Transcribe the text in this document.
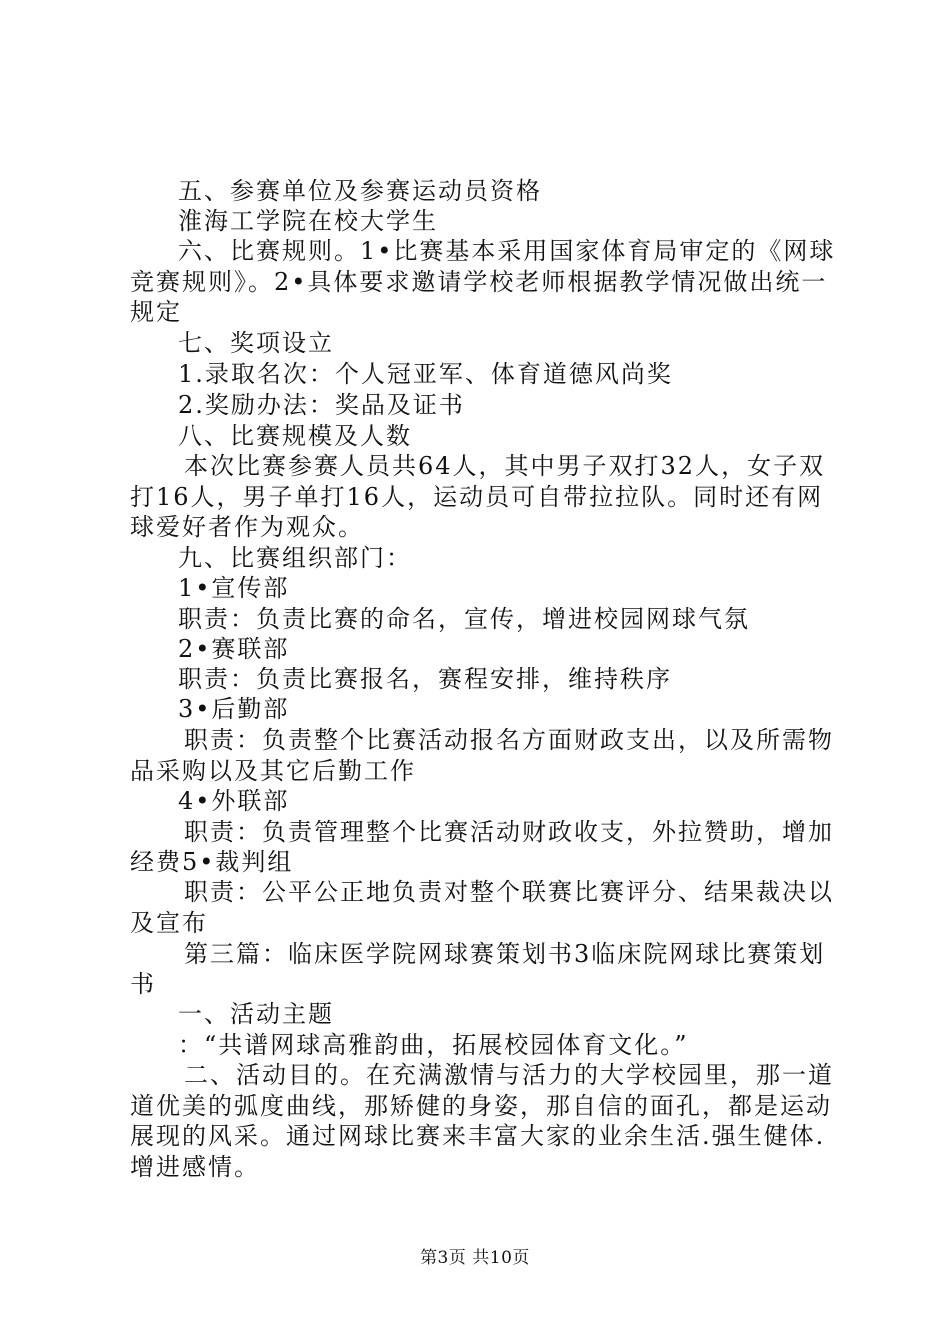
五、参赛单位及参赛运动员资格
淮海工学院在校大学生
六、比赛规则。1•比赛基本采用国家体育局审定的《网球
竞赛规则》。2•具体要求邀请学校老师根据教学情况做出统一
规定
七、奖项设立
1.录取名次：个人冠亚军、体育道德风尚奖
2.奖励办法：奖品及证书
八、比赛规模及人数
本次比赛参赛人员共64人，其中男子双打32人，女子双
打16人，男子单打16人，运动员可自带拉拉队。同时还有网
球爱好者作为观众。
九、比赛组织部门：
1•宣传部
职责：负责比赛的命名，宣传，增进校园网球气氛
2•赛联部
职责：负责比赛报名，赛程安排，维持秩序
3•后勤部
职责：负责整个比赛活动报名方面财政支出，以及所需物
品采购以及其它后勤工作
4•外联部
职责：负责管理整个比赛活动财政收支，外拉赞助，增加
经费5•裁判组
职责：公平公正地负责对整个联赛比赛评分、结果裁决以
及宣布
第三篇：临床医学院网球赛策划书3临床院网球比赛策划
书
一、活动主题
：“共谱网球高雅韵曲，拓展校园体育文化。”
二、活动目的。在充满激情与活力的大学校园里，那一道
道优美的弧度曲线，那矫健的身姿，那自信的面孔，都是运动
展现的风采。通过网球比赛来丰富大家的业余生活.强生健体.
增进感情。
第3页 共10页
